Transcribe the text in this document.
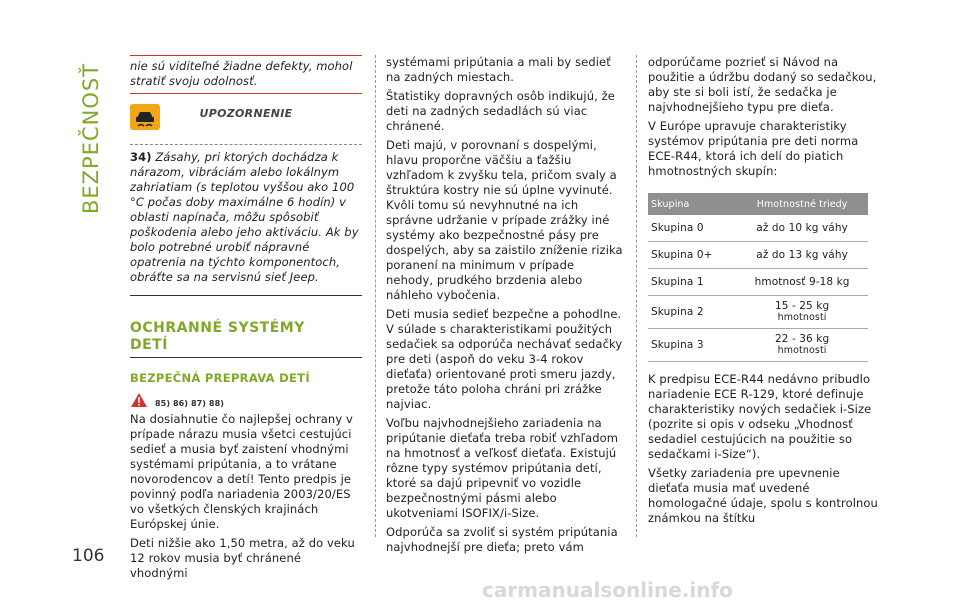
BEZPEČNOSŤ nie sú viditeľné žiadne defekty, mohol stratiť svoju odolnosť.

UPOZORNENIE

34) Zásahy, pri ktorých dochádza k nárazom, vibráciám alebo lokálnym zahriatiam (s teplotou vyššou ako 100 °C počas doby maximálne 6 hodín) v oblasti napínača, môžu spôsobiť poškodenia alebo jeho aktiváciu. Ak by bolo potrebné urobiť nápravné opatrenia na týchto komponentoch, obráťte sa na servisnú sieť Jeep.

OCHRANNÉ SYSTÉMY
DETÍ
BEZPEČNÁ PREPRAVA DETÍ
85) 86) 87) 88)

Na dosiahnutie čo najlepšej ochrany v prípade nárazu musia všetci cestujúci sedieť a musia byť zaistení vhodnými systémami pripútania, a to vrátane novorodencov a detí! Tento predpis je povinný podľa nariadenia 2003/20/ES vo všetkých členských krajinách Európskej únie.

Deti nižšie ako 1,50 metra, až do veku 12 rokov musia byť chránené vhodnými

systémami pripútania a mali by sedieť na zadných miestach.

Štatistiky dopravných osôb indikujú, že deti na zadných sedadlách sú viac chránené.

Deti majú, v porovnaní s dospelými, hlavu proporčne väčšiu a ťažšiu vzhľadom k zvyšku tela, pričom svaly a štruktúra kostry nie sú úplne vyvinuté. Kvôli tomu sú nevyhnutné na ich správne udržanie v prípade zrážky iné systémy ako bezpečnostné pásy pre dospelých, aby sa zaistilo zníženie rizika poranení na minimum v prípade nehody, prudkého brzdenia alebo náhleho vybočenia.

Deti musia sedieť bezpečne a pohodlne. V súlade s charakteristikami použitých sedačiek sa odporúča nechávať sedačky pre deti (aspoň do veku 3-4 rokov dieťaťa) orientované proti smeru jazdy, pretože táto poloha chráni pri zrážke najviac.

Voľbu najvhodnejšieho zariadenia na pripútanie dieťaťa treba robiť vzhľadom na hmotnosť a veľkosť dieťaťa. Existujú rôzne typy systémov pripútania detí, ktoré sa dajú pripevniť vo vozidle bezpečnostnými pásmi alebo ukotveniami ISOFIX/i-Size.

Odporúča sa zvoliť si systém pripútania najvhodnejší pre dieťa; preto vám

odporúčame pozrieť si Návod na použitie a údržbu dodaný so sedačkou, aby ste si boli istí, že sedačka je najvhodnejšieho typu pre dieťa.

V Európe upravuje charakteristiky systémov pripútania pre deti norma ECE-R44, ktorá ich delí do piatich hmotnostných skupín:

Skupina	Hmotnostné triedy
Skupina 0	až do 10 kg váhy
Skupina 0+	až do 13 kg váhy
Skupina 1	hmotnosť 9-18 kg
Skupina 2	15 - 25 kg
hmotnosti

Skupina 3	22 - 36 kg
hmotnosti

K predpisu ECE-R44 nedávno pribudlo nariadenie ECE R-129, ktoré definuje charakteristiky nových sedačiek i-Size (pozrite si opis v odseku „Vhodnosť sedadiel cestujúcich na použitie so sedačkami i-Size“).

Všetky zariadenia pre upevnenie dieťaťa musia mať uvedené homologačné údaje, spolu s kontrolnou známkou na štítku

106
carmanualsonline.info
